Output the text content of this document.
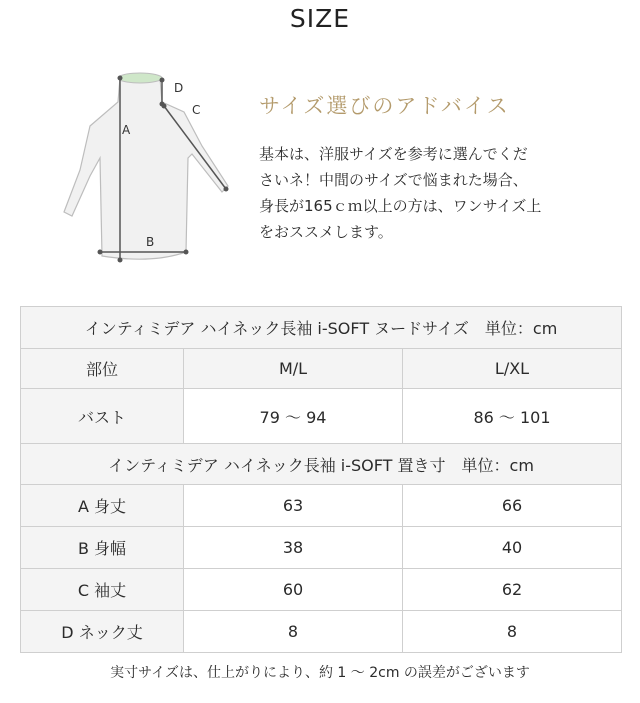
SIZE
A
B
C
D
サイズ選びのアドバイス
基本は、洋服サイズを参考に選んでくだ
さいネ！中間のサイズで悩まれた場合、
身長が165ｃｍ以上の方は、ワンサイズ上
をおススメします。
インティミデア ハイネック長袖 i-SOFT ヌードサイズ　単位：cm		
部位	M/L	L/XL
バスト	79 ～ 94	86 ～ 101
インティミデア ハイネック長袖 i-SOFT 置き寸　単位：cm		
A 身丈	63	66
B 身幅	38	40
C 袖丈	60	62
D ネック丈	8	8
実寸サイズは、仕上がりにより、約 1 ～ 2cm の誤差がございます
